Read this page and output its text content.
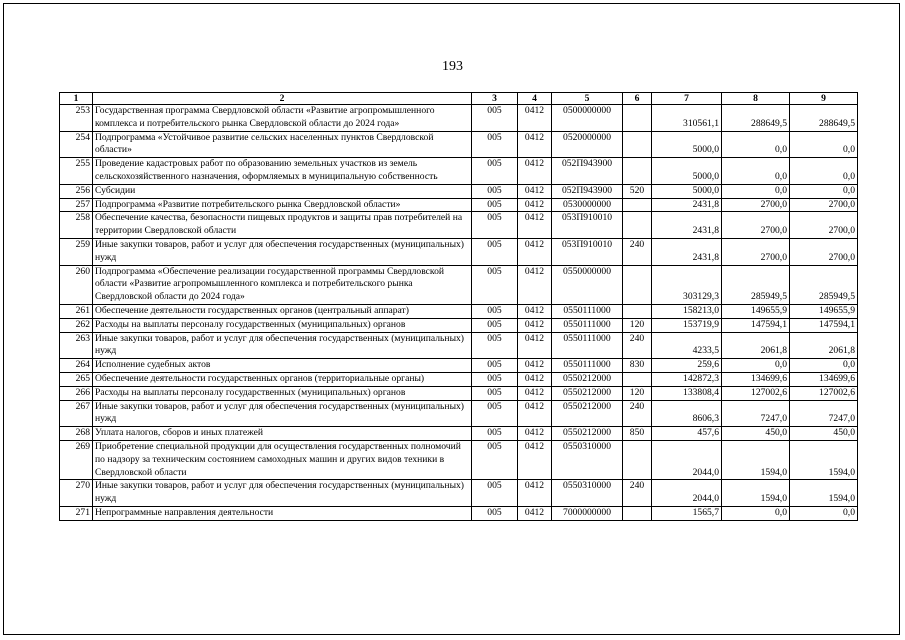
193
1	2	3	4	5	6	7	8	9
253	Государственная программа Свердловской области «Развитие агропромышленного комплекса и потребительского рынка Свердловской области до 2024 года»	005	0412	0500000000		310561,1	288649,5	288649,5
254	Подпрограмма «Устойчивое развитие сельских населенных пунктов Свердловской области»	005	0412	0520000000		5000,0	0,0	0,0
255	Проведение кадастровых работ по образованию земельных участков из земель сельскохозяйственного назначения, оформляемых в муниципальную собственность	005	0412	052П943900		5000,0	0,0	0,0
256	Субсидии	005	0412	052П943900	520	5000,0	0,0	0,0
257	Подпрограмма «Развитие потребительского рынка Свердловской области»	005	0412	0530000000		2431,8	2700,0	2700,0
258	Обеспечение качества, безопасности пищевых продуктов и защиты прав потребителей на территории Свердловской области	005	0412	053П910010		2431,8	2700,0	2700,0
259	Иные закупки товаров, работ и услуг для обеспечения государственных (муниципальных) нужд	005	0412	053П910010	240	2431,8	2700,0	2700,0
260	Подпрограмма «Обеспечение реализации государственной программы Свердловской области «Развитие агропромышленного комплекса и потребительского рынка Свердловской области до 2024 года»	005	0412	0550000000		303129,3	285949,5	285949,5
261	Обеспечение деятельности государственных органов (центральный аппарат)	005	0412	0550111000		158213,0	149655,9	149655,9
262	Расходы на выплаты персоналу государственных (муниципальных) органов	005	0412	0550111000	120	153719,9	147594,1	147594,1
263	Иные закупки товаров, работ и услуг для обеспечения государственных (муниципальных) нужд	005	0412	0550111000	240	4233,5	2061,8	2061,8
264	Исполнение судебных актов	005	0412	0550111000	830	259,6	0,0	0,0
265	Обеспечение деятельности государственных органов (территориальные органы)	005	0412	0550212000		142872,3	134699,6	134699,6
266	Расходы на выплаты персоналу государственных (муниципальных) органов	005	0412	0550212000	120	133808,4	127002,6	127002,6
267	Иные закупки товаров, работ и услуг для обеспечения государственных (муниципальных) нужд	005	0412	0550212000	240	8606,3	7247,0	7247,0
268	Уплата налогов, сборов и иных платежей	005	0412	0550212000	850	457,6	450,0	450,0
269	Приобретение специальной продукции для осуществления государственных полномочий по надзору за техническим состоянием самоходных машин и других видов техники в Свердловской области	005	0412	0550310000		2044,0	1594,0	1594,0
270	Иные закупки товаров, работ и услуг для обеспечения государственных (муниципальных) нужд	005	0412	0550310000	240	2044,0	1594,0	1594,0
271	Непрограммные направления деятельности	005	0412	7000000000		1565,7	0,0	0,0
